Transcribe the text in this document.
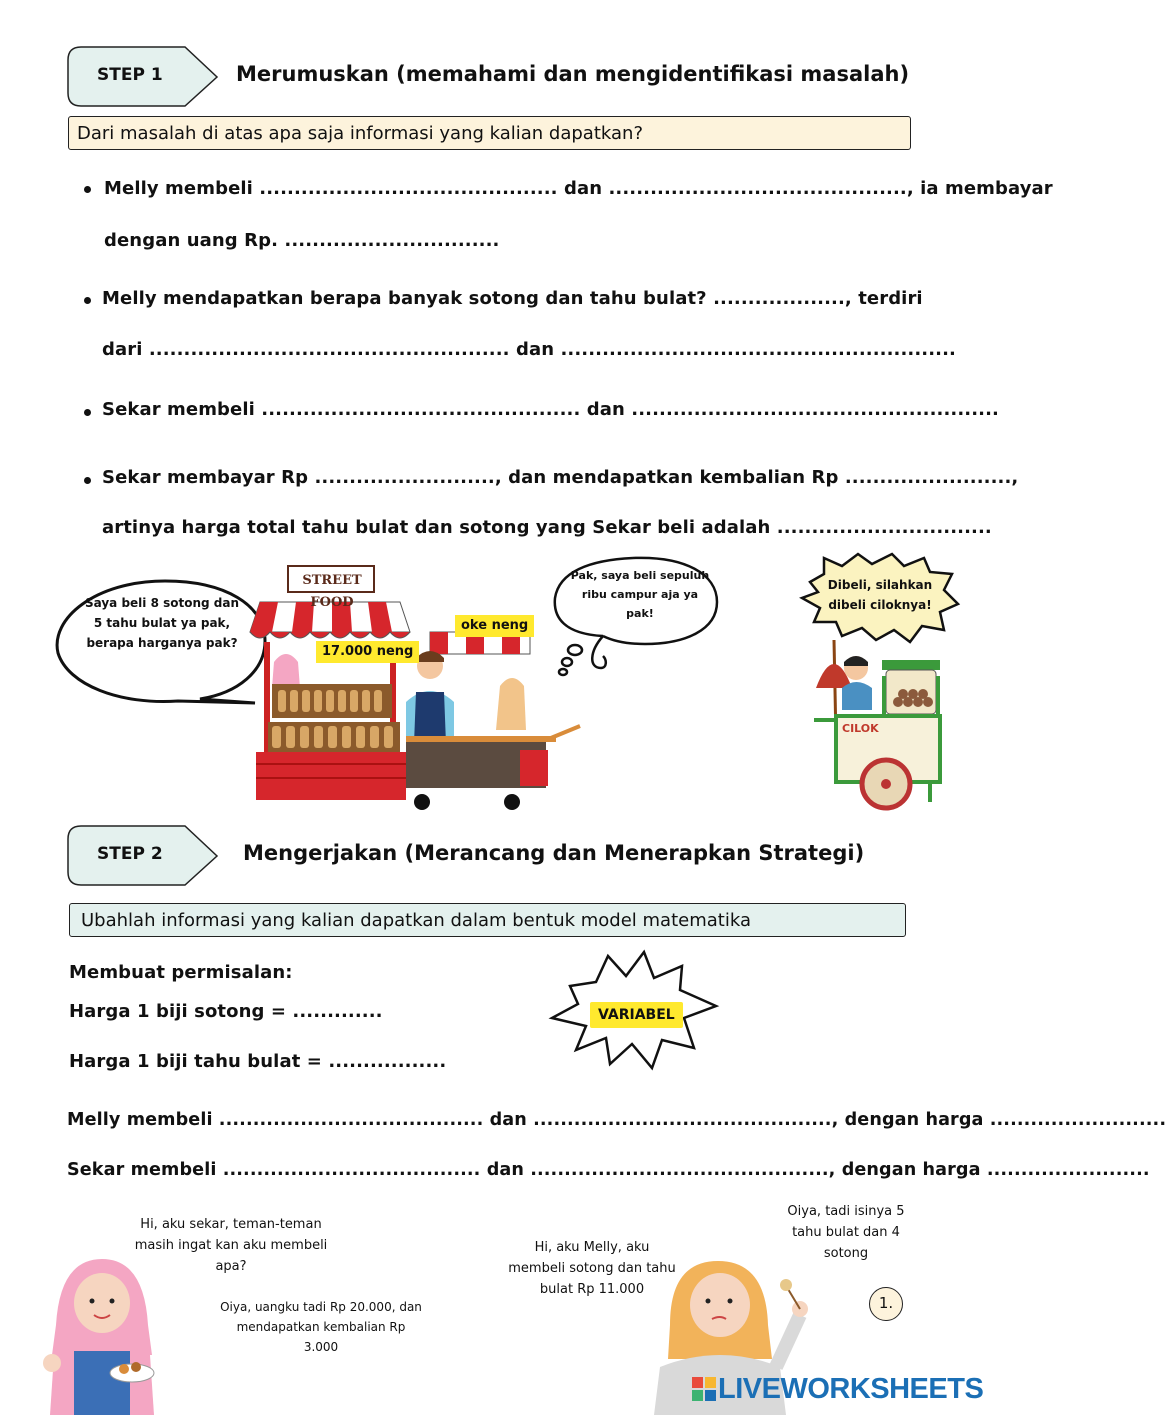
STEP 1	Merumuskan (memahami dan mengidentifikasi masalah)
Dari masalah di atas apa saja informasi yang kalian dapatkan?
Melly membeli ........................................... dan ..........................................., ia membayar
dengan uang Rp. ...............................
Melly mendapatkan berapa banyak sotong dan tahu bulat? ..................., terdiri
dari .................................................... dan .........................................................
Sekar membeli .............................................. dan .....................................................
Sekar membayar Rp .........................., dan mendapatkan kembalian Rp ........................,
artinya harga total tahu bulat dan sotong yang Sekar beli adalah ...............................
Saya beli 8 sotong dan 5 tahu bulat ya pak, berapa harganya pak?
STREET FOOD
17.000 neng
oke neng
Pak, saya beli sepuluh ribu campur aja ya pak!
Dibeli, silahkan dibeli ciloknya!
CILOK
STEP 2	Mengerjakan (Merancang dan Menerapkan Strategi)
Ubahlah informasi yang kalian dapatkan dalam bentuk model matematika
Membuat permisalan:
Harga 1 biji sotong = .............
Harga 1 biji tahu bulat = .................
VARIABEL
Melly membeli ....................................... dan ............................................, dengan harga ..........................
Sekar membeli ...................................... dan ............................................, dengan harga ........................
Hi, aku sekar, teman-teman masih ingat kan aku membeli apa?
Oiya, uangku tadi Rp 20.000, dan mendapatkan kembalian Rp 3.000
Hi, aku Melly, aku membeli sotong dan tahu bulat Rp 11.000
Oiya, tadi isinya 5 tahu bulat dan 4 sotong
1.
LIVEWORKSHEETS
